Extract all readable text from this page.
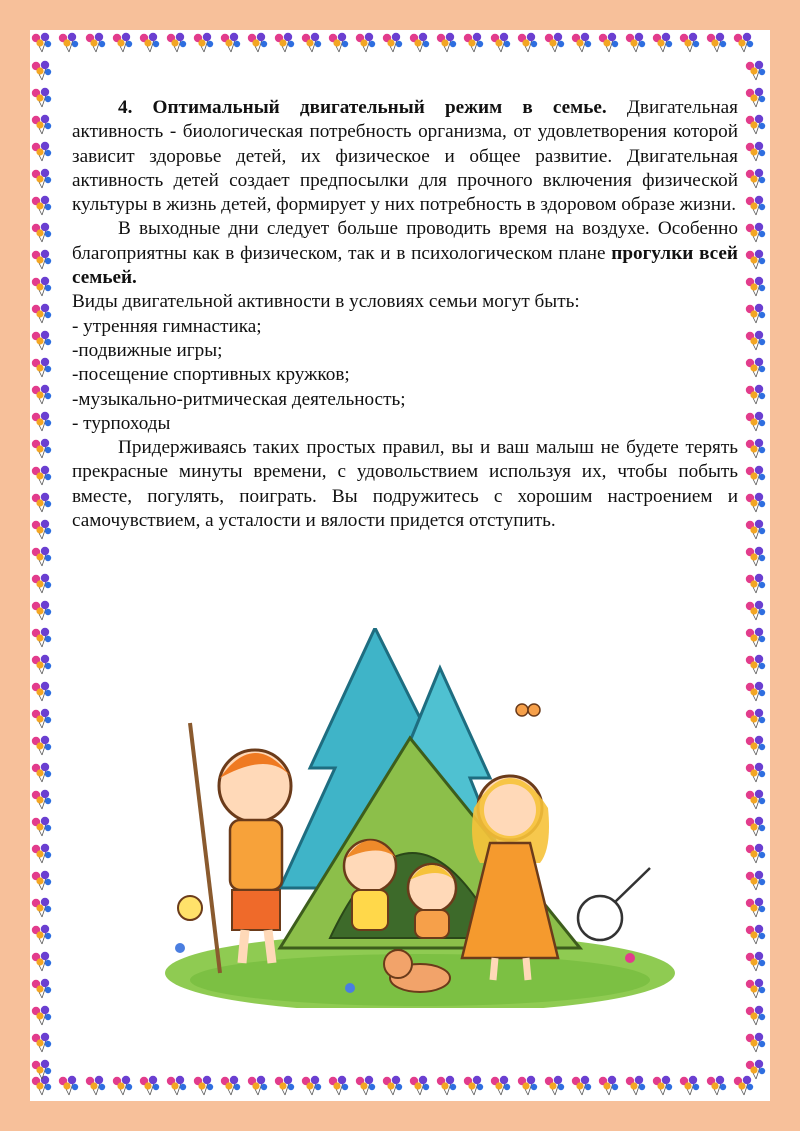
4. Оптимальный двигательный режим в семье. Двигательная активность - биологическая потребность организма, от удовлетворения которой зависит здоровье детей, их физическое и общее развитие. Двигательная активность детей создает предпосылки для прочного включения физической культуры в жизнь детей, формирует у них потребность в здоровом образе жизни.

В выходные дни следует больше проводить время на воздухе. Особенно благоприятны как в физическом, так и в психологическом плане прогулки всей семьей.

Виды двигательной активности в условиях семьи могут быть:

- утренняя гимнастика;

-подвижные игры;

-посещение спортивных кружков;

-музыкально-ритмическая деятельность;

- турпоходы

Придерживаясь таких простых правил, вы и ваш малыш не будете терять прекрасные минуты времени, с удовольствием используя их, чтобы побыть вместе, погулять, поиграть. Вы подружитесь с хорошим настроением и самочувствием, а усталости и вялости придется отступить.
